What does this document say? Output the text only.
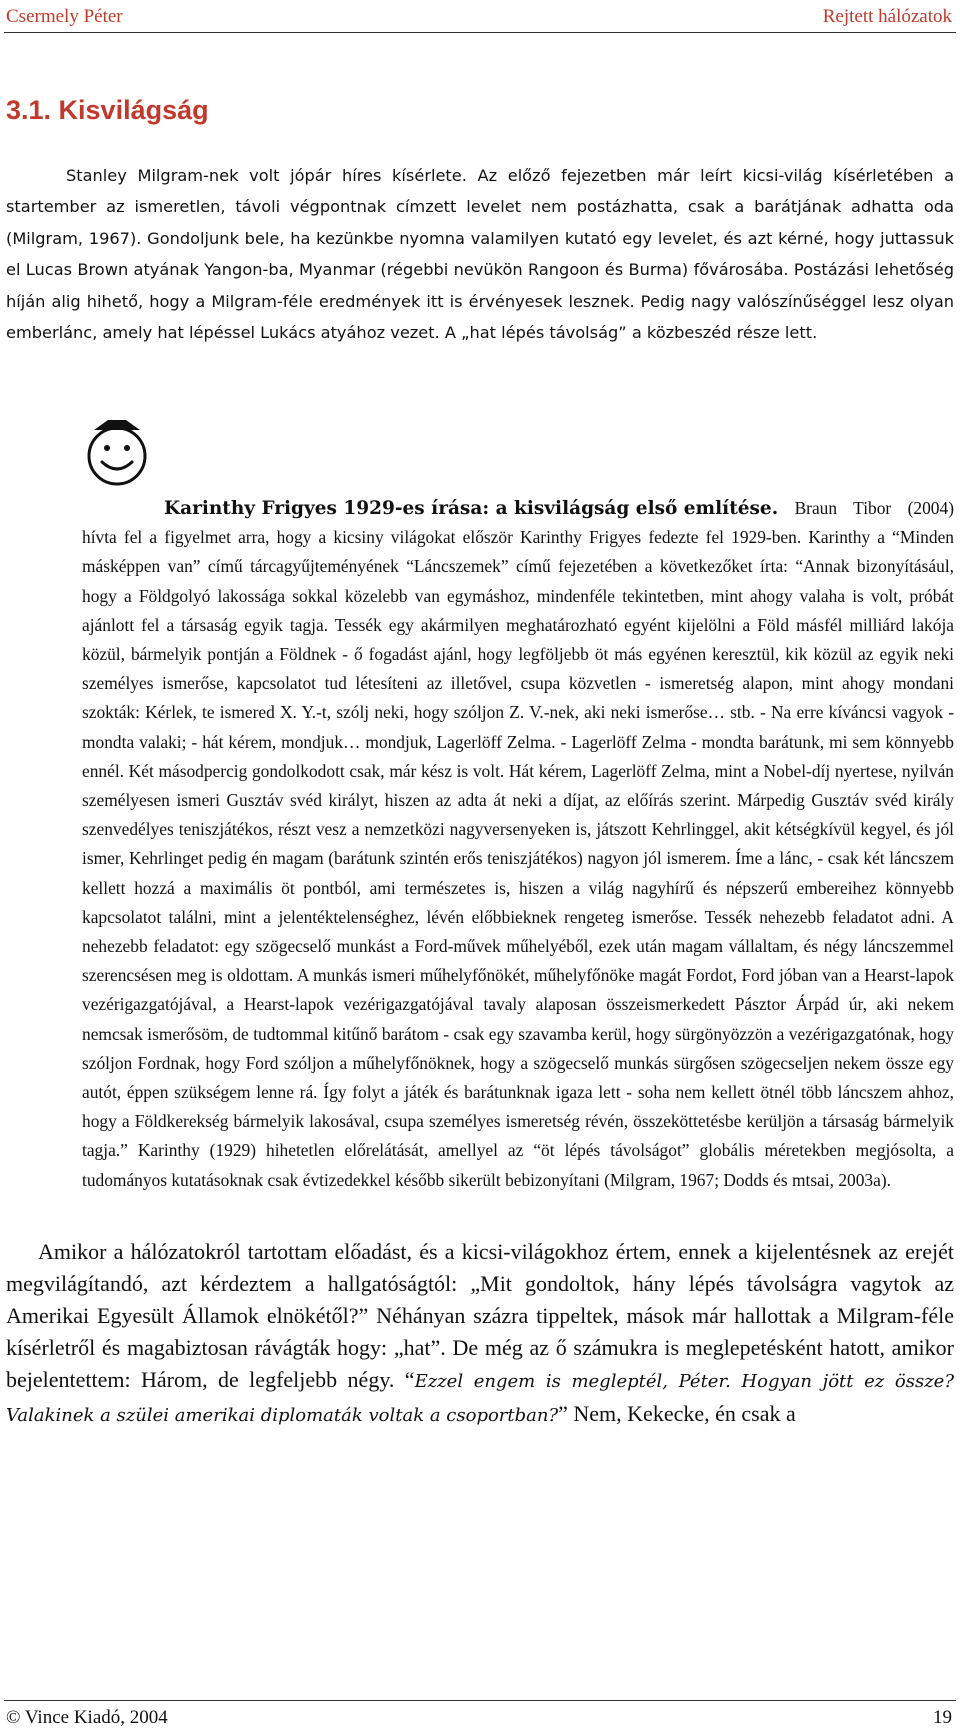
Csermely Péter	Rejtett hálózatok
3.1. Kisvilágság

Stanley Milgram-nek volt jópár híres kísérlete. Az előző fejezetben már leírt kicsi-világ kísérletében a startember az ismeretlen, távoli végpontnak címzett levelet nem postázhatta, csak a barátjának adhatta oda (Milgram, 1967). Gondoljunk bele, ha kezünkbe nyomna valamilyen kutató egy levelet, és azt kérné, hogy juttassuk el Lucas Brown atyának Yangon-ba, Myanmar (régebbi nevükön Rangoon és Burma) fővárosába. Postázási lehetőség híján alig hihető, hogy a Milgram-féle eredmények itt is érvényesek lesznek. Pedig nagy valószínűséggel lesz olyan emberlánc, amely hat lépéssel Lukács atyához vezet. A „hat lépés távolság” a közbeszéd része lett.

Karinthy Frigyes 1929-es írása: a kisvilágság első említése. Braun Tibor (2004) hívta fel a figyelmet arra, hogy a kicsiny világokat először Karinthy Frigyes fedezte fel 1929-ben. Karinthy a “Minden másképpen van” című tárcagyűjteményének “Láncszemek” című fejezetében a következőket írta: “Annak bizonyításául, hogy a Földgolyó lakossága sokkal közelebb van egymáshoz, mindenféle tekintetben, mint ahogy valaha is volt, próbát ajánlott fel a társaság egyik tagja. Tessék egy akármilyen meghatározható egyént kijelölni a Föld másfél milliárd lakója közül, bármelyik pontján a Földnek - ő fogadást ajánl, hogy legföljebb öt más egyénen keresztül, kik közül az egyik neki személyes ismerőse, kapcsolatot tud létesíteni az illetővel, csupa közvetlen - ismeretség alapon, mint ahogy mondani szokták: Kérlek, te ismered X. Y.-t, szólj neki, hogy szóljon Z. V.-nek, aki neki ismerőse… stb. - Na erre kíváncsi vagyok - mondta valaki; - hát kérem, mondjuk… mondjuk, Lagerlöff Zelma. - Lagerlöff Zelma - mondta barátunk, mi sem könnyebb ennél. Két másodpercig gondolkodott csak, már kész is volt. Hát kérem, Lagerlöff Zelma, mint a Nobel-díj nyertese, nyilván személyesen ismeri Gusztáv svéd királyt, hiszen az adta át neki a díjat, az előírás szerint. Márpedig Gusztáv svéd király szenvedélyes teniszjátékos, részt vesz a nemzetközi nagyversenyeken is, játszott Kehrlinggel, akit kétségkívül kegyel, és jól ismer, Kehrlinget pedig én magam (barátunk szintén erős teniszjátékos) nagyon jól ismerem. Íme a lánc, - csak két láncszem kellett hozzá a maximális öt pontból, ami természetes is, hiszen a világ nagyhírű és népszerű embereihez könnyebb kapcsolatot találni, mint a jelentéktelenséghez, lévén előbbieknek rengeteg ismerőse. Tessék nehezebb feladatot adni. A nehezebb feladatot: egy szögecselő munkást a Ford-művek műhelyéből, ezek után magam vállaltam, és négy láncszemmel szerencsésen meg is oldottam. A munkás ismeri műhelyfőnökét, műhelyfőnöke magát Fordot, Ford jóban van a Hearst-lapok vezérigazgatójával, a Hearst-lapok vezérigazgatójával tavaly alaposan összeismerkedett Pásztor Árpád úr, aki nekem nemcsak ismerősöm, de tudtommal kitűnő barátom - csak egy szavamba kerül, hogy sürgönyözzön a vezérigazgatónak, hogy szóljon Fordnak, hogy Ford szóljon a műhelyfőnöknek, hogy a szögecselő munkás sürgősen szögecseljen nekem össze egy autót, éppen szükségem lenne rá. Így folyt a játék és barátunknak igaza lett - soha nem kellett ötnél több láncszem ahhoz, hogy a Földkerekség bármelyik lakosával, csupa személyes ismeretség révén, összeköttetésbe kerüljön a társaság bármelyik tagja.” Karinthy (1929) hihetetlen előrelátását, amellyel az “öt lépés távolságot” globális méretekben megjósolta, a tudományos kutatásoknak csak évtizedekkel később sikerült bebizonyítani (Milgram, 1967; Dodds és mtsai, 2003a).

Amikor a hálózatokról tartottam előadást, és a kicsi-világokhoz értem, ennek a kijelentésnek az erejét megvilágítandó, azt kérdeztem a hallgatóságtól: „Mit gondoltok, hány lépés távolságra vagytok az Amerikai Egyesült Államok elnökétől?” Néhányan százra tippeltek, mások már hallottak a Milgram-féle kísérletről és magabiztosan rávágták hogy: „hat”. De még az ő számukra is meglepetésként hatott, amikor bejelentettem: Három, de legfeljebb négy. “Ezzel engem is megleptél, Péter. Hogyan jött ez össze? Valakinek a szülei amerikai diplomaták voltak a csoportban?” Nem, Kekecke, én csak a

© Vince Kiadó, 2004	19
